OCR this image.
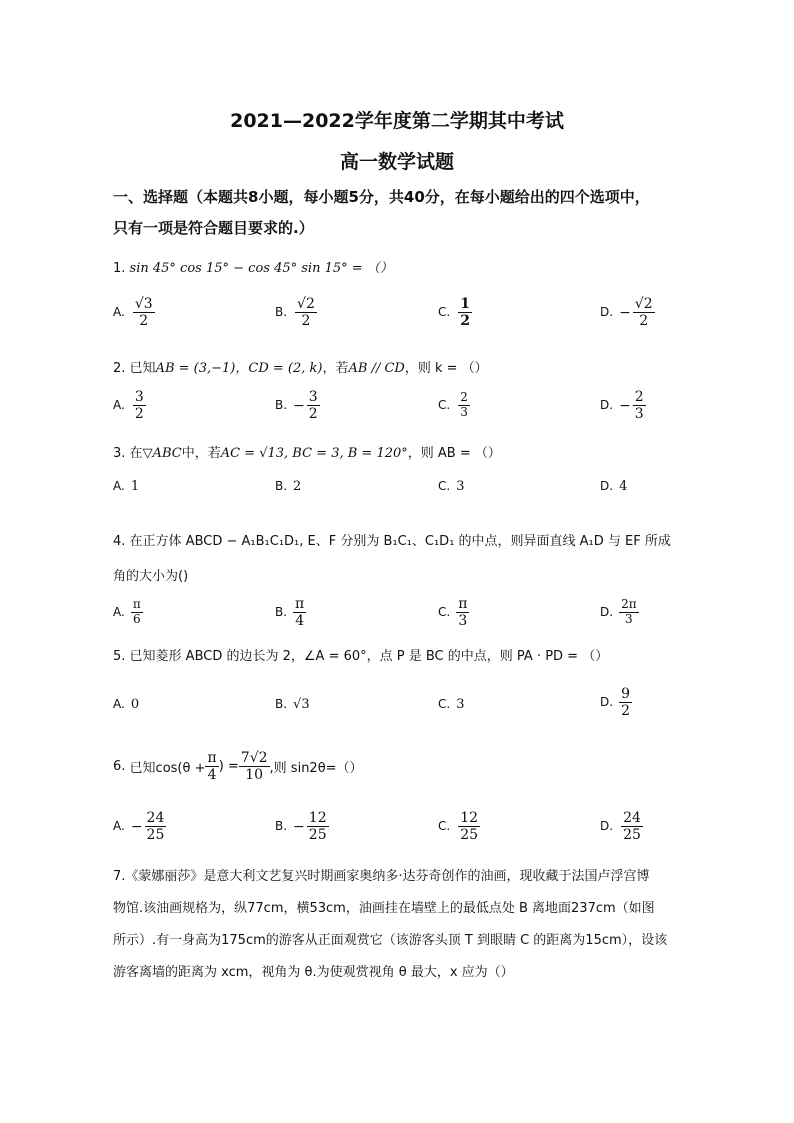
2021—2022学年度第二学期其中考试
高一数学试题
一、选择题（本题共8小题，每小题5分，共40分，在每小题给出的四个选项中，
只有一项是符合题目要求的.）
1. sin 45° cos 15° − cos 45° sin 15° = （）
A. $\frac{√3}{2}$	B. $\frac{√2}{2}$	C. $\frac{1}{2}$	D. − $\frac{√2}{2}$
2. 已知AB = (3,−1)，CD = (2, k)，若AB // CD，则 k = （）
A. $\frac{3}{2}$	B. − $\frac{3}{2}$	C. $\frac{2}{3}$	D. − $\frac{2}{3}$
3. 在▽ABC中，若AC = √13, BC = 3, B = 120°，则 AB = （）
A. 1	B. 2	C. 3	D. 4
4. 在正方体 ABCD − A₁B₁C₁D₁, E、F 分别为 B₁C₁、C₁D₁ 的中点，则异面直线 A₁D 与 EF 所成
角的大小为()
A. $\frac{\pi}{6}$	B. $\frac{\pi}{4}$	C. $\frac{\pi}{3}$	D. $\frac{2\pi}{3}$
5. 已知菱形 ABCD 的边长为 2，∠A = 60°，点 P 是 BC 的中点，则 PA · PD = （）
A. 0	B. √3	C. 3	D. $\frac{9}{2}$
6. 已知$\cos(\theta + \frac{\pi}{4}$ ) = $\frac{7√2}{10}$ ,则 sin2θ=（）
A. − $\frac{24}{25}$	B. − $\frac{12}{25}$	C. $\frac{12}{25}$	D. $\frac{24}{25}$
7.《蒙娜丽莎》是意大利文艺复兴时期画家奥纳多·达芬奇创作的油画，现收藏于法国卢浮宫博
物馆.该油画规格为，纵77cm，横53cm，油画挂在墙壁上的最低点处 B 离地面237cm（如图
所示）.有一身高为175cm的游客从正面观赏它（该游客头顶 T 到眼睛 C 的距离为15cm），设该
游客离墙的距离为 xcm，视角为 θ.为使观赏视角 θ 最大，x 应为（）
